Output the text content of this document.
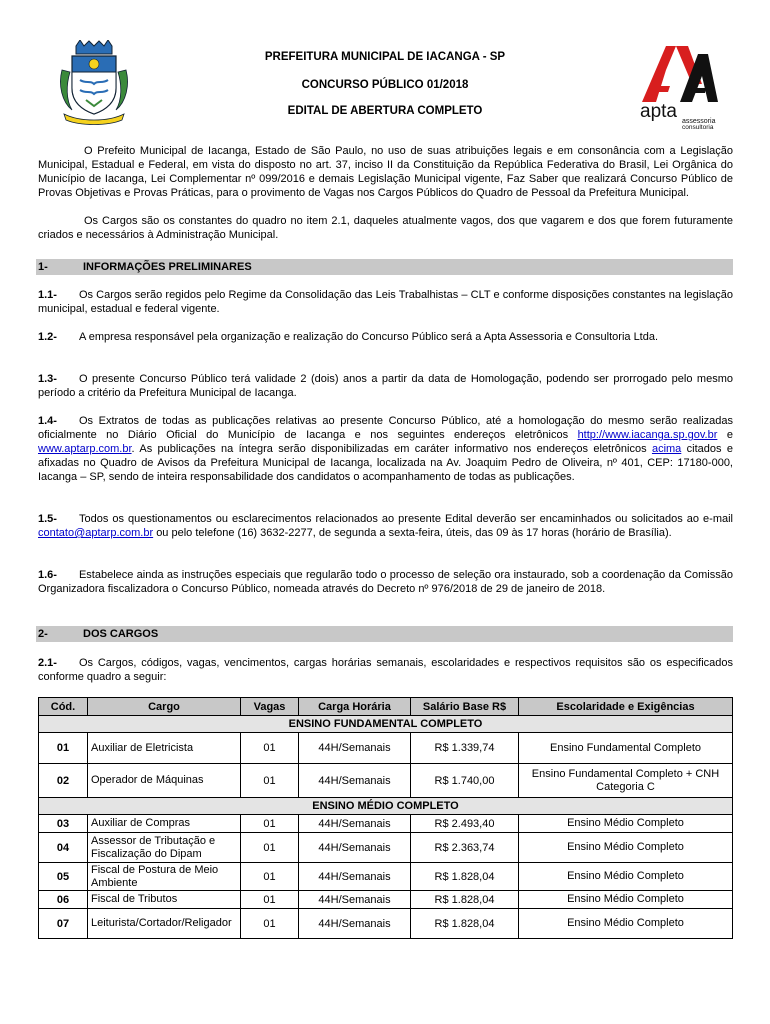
PREFEITURA MUNICIPAL DE IACANGA - SP
CONCURSO PÚBLICO 01/2018
EDITAL DE ABERTURA COMPLETO	apta assessoria
consultoria

O Prefeito Municipal de Iacanga, Estado de São Paulo, no uso de suas atribuições legais e em consonância com a Legislação Municipal, Estadual e Federal, em vista do disposto no art. 37, inciso II da Constituição da República Federativa do Brasil, Lei Orgânica do Município de Iacanga, Lei Complementar nº 099/2016 e demais Legislação Municipal vigente, Faz Saber que realizará Concurso Público de Provas Objetivas e Provas Práticas, para o provimento de Vagas nos Cargos Públicos do Quadro de Pessoal da Prefeitura Municipal.

Os Cargos são os constantes do quadro no item 2.1, daqueles atualmente vagos, dos que vagarem e dos que forem futuramente criados e necessários à Administração Municipal.

1-	INFORMAÇÕES PRELIMINARES

1.1- Os Cargos serão regidos pelo Regime da Consolidação das Leis Trabalhistas – CLT e conforme disposições constantes na legislação municipal, estadual e federal vigente.

1.2- A empresa responsável pela organização e realização do Concurso Público será a Apta Assessoria e Consultoria Ltda.

1.3- O presente Concurso Público terá validade 2 (dois) anos a partir da data de Homologação, podendo ser prorrogado pelo mesmo período a critério da Prefeitura Municipal de Iacanga.

1.4- Os Extratos de todas as publicações relativas ao presente Concurso Público, até a homologação do mesmo serão realizadas oficialmente no Diário Oficial do Município de Iacanga e nos seguintes endereços eletrônicos http://www.iacanga.sp.gov.br e www.aptarp.com.br. As publicações na íntegra serão disponibilizadas em caráter informativo nos endereços eletrônicos acima citados e afixadas no Quadro de Avisos da Prefeitura Municipal de Iacanga, localizada na Av. Joaquim Pedro de Oliveira, nº 401, CEP: 17180-000, Iacanga – SP, sendo de inteira responsabilidade dos candidatos o acompanhamento de todas as publicações.

1.5- Todos os questionamentos ou esclarecimentos relacionados ao presente Edital deverão ser encaminhados ou solicitados ao e-mail contato@aptarp.com.br ou pelo telefone (16) 3632-2277, de segunda a sexta-feira, úteis, das 09 às 17 horas (horário de Brasília).

1.6- Estabelece ainda as instruções especiais que regularão todo o processo de seleção ora instaurado, sob a coordenação da Comissão Organizadora fiscalizadora o Concurso Público, nomeada através do Decreto nº 976/2018 de 29 de janeiro de 2018.

2-	DOS CARGOS

2.1- Os Cargos, códigos, vagas, vencimentos, cargas horárias semanais, escolaridades e respectivos requisitos são os especificados conforme quadro a seguir:

Cód.	Cargo	Vagas	Carga Horária	Salário Base R$	Escolaridade e Exigências
ENSINO FUNDAMENTAL COMPLETO					
01	Auxiliar de Eletricista	01	44H/Semanais	R$ 1.339,74	Ensino Fundamental Completo
02	Operador de Máquinas	01	44H/Semanais	R$ 1.740,00	Ensino Fundamental Completo + CNH Categoria C
ENSINO MÉDIO COMPLETO					
03	Auxiliar de Compras	01	44H/Semanais	R$ 2.493,40	Ensino Médio Completo
04	Assessor de Tributação e Fiscalização do Dipam	01	44H/Semanais	R$ 2.363,74	Ensino Médio Completo
05	Fiscal de Postura de Meio Ambiente	01	44H/Semanais	R$ 1.828,04	Ensino Médio Completo
06	Fiscal de Tributos	01	44H/Semanais	R$ 1.828,04	Ensino Médio Completo
07	Leiturista/Cortador/Religador	01	44H/Semanais	R$ 1.828,04	Ensino Médio Completo
